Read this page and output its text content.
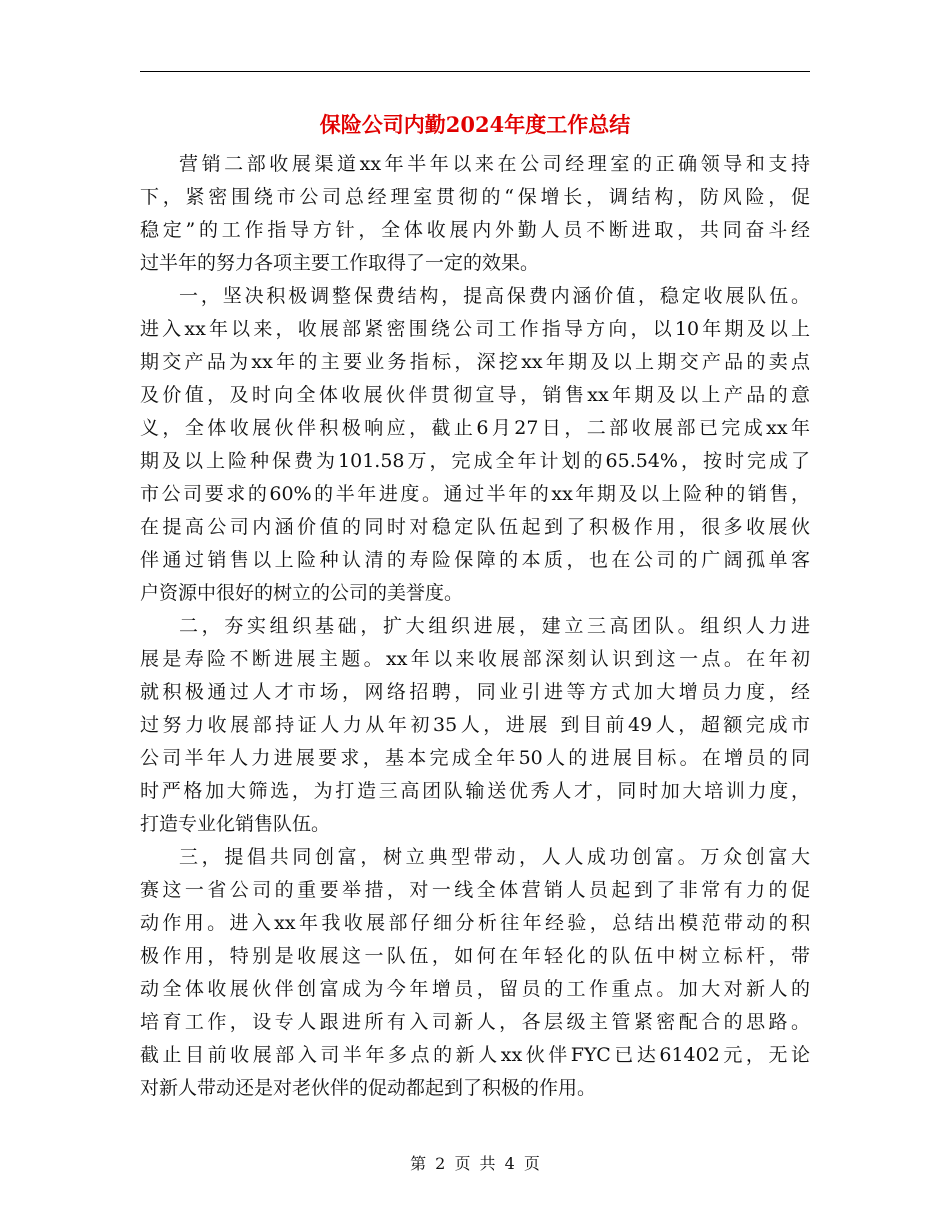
保险公司内勤2024年度工作总结
营销二部收展渠道xx年半年以来在公司经理室的正确领导和支持
下，紧密围绕市公司总经理室贯彻的“保增长，调结构，防风险，促
稳定”的工作指导方针，全体收展内外勤人员不断进取，共同奋斗经
过半年的努力各项主要工作取得了一定的效果。
一，坚决积极调整保费结构，提高保费内涵价值，稳定收展队伍。
进入xx年以来，收展部紧密围绕公司工作指导方向，以10年期及以上
期交产品为xx年的主要业务指标，深挖xx年期及以上期交产品的卖点
及价值，及时向全体收展伙伴贯彻宣导，销售xx年期及以上产品的意
义，全体收展伙伴积极响应，截止6月27日，二部收展部已完成xx年
期及以上险种保费为101.58万，完成全年计划的65.54%，按时完成了
市公司要求的60%的半年进度。通过半年的xx年期及以上险种的销售，
在提高公司内涵价值的同时对稳定队伍起到了积极作用，很多收展伙
伴通过销售以上险种认清的寿险保障的本质，也在公司的广阔孤单客
户资源中很好的树立的公司的美誉度。
二，夯实组织基础，扩大组织进展，建立三高团队。组织人力进
展是寿险不断进展主题。xx年以来收展部深刻认识到这一点。在年初
就积极通过人才市场，网络招聘，同业引进等方式加大增员力度，经
过努力收展部持证人力从年初35人，进展 到目前49人，超额完成市
公司半年人力进展要求，基本完成全年50人的进展目标。在增员的同
时严格加大筛选，为打造三高团队输送优秀人才，同时加大培训力度，
打造专业化销售队伍。
三，提倡共同创富，树立典型带动，人人成功创富。万众创富大
赛这一省公司的重要举措，对一线全体营销人员起到了非常有力的促
动作用。进入xx年我收展部仔细分析往年经验，总结出模范带动的积
极作用，特别是收展这一队伍，如何在年轻化的队伍中树立标杆，带
动全体收展伙伴创富成为今年增员，留员的工作重点。加大对新人的
培育工作，设专人跟进所有入司新人，各层级主管紧密配合的思路。
截止目前收展部入司半年多点的新人xx伙伴FYC已达61402元，无论
对新人带动还是对老伙伴的促动都起到了积极的作用。
第 2 页 共 4 页
